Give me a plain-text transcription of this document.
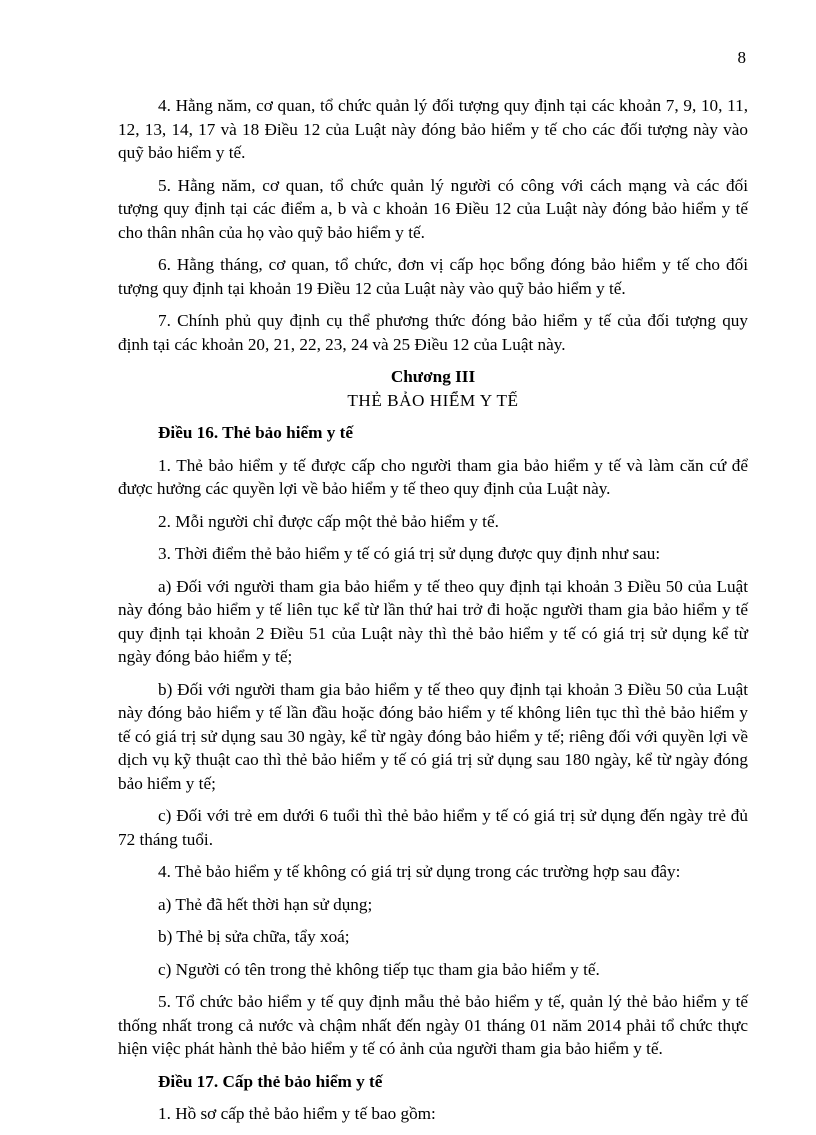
8

4. Hằng năm, cơ quan, tổ chức quản lý đối tượng quy định tại các khoản 7, 9, 10, 11, 12, 13, 14, 17 và 18 Điều 12 của Luật này đóng bảo hiểm y tế cho các đối tượng này vào quỹ bảo hiểm y tế.

5. Hằng năm, cơ quan, tổ chức quản lý người có công với cách mạng và các đối tượng quy định tại các điểm a, b và c khoản 16 Điều 12 của Luật này đóng bảo hiểm y tế cho thân nhân của họ vào quỹ bảo hiểm y tế.

6. Hằng tháng, cơ quan, tổ chức, đơn vị cấp học bổng đóng bảo hiểm y tế cho đối tượng quy định tại khoản 19 Điều 12 của Luật này vào quỹ bảo hiểm y tế.

7. Chính phủ quy định cụ thể phương thức đóng bảo hiểm y tế của đối tượng quy định tại các khoản 20, 21, 22, 23, 24 và 25 Điều 12 của Luật này.

Chương III
THẺ BẢO HIỂM Y TẾ

Điều 16. Thẻ bảo hiểm y tế

1. Thẻ bảo hiểm y tế được cấp cho người tham gia bảo hiểm y tế và làm căn cứ để được hưởng các quyền lợi về bảo hiểm y tế theo quy định của Luật này.

2. Mỗi người chỉ được cấp một thẻ bảo hiểm y tế.

3. Thời điểm thẻ bảo hiểm y tế có giá trị sử dụng được quy định như sau:

a) Đối với người tham gia bảo hiểm y tế theo quy định tại khoản 3 Điều 50 của Luật này đóng bảo hiểm y tế liên tục kể từ lần thứ hai trở đi hoặc người tham gia bảo hiểm y tế quy định tại khoản 2 Điều 51 của Luật này thì thẻ bảo hiểm y tế có giá trị sử dụng kể từ ngày đóng bảo hiểm y tế;

b) Đối với người tham gia bảo hiểm y tế theo quy định tại khoản 3 Điều 50 của Luật này đóng bảo hiểm y tế lần đầu hoặc đóng bảo hiểm y tế không liên tục thì thẻ bảo hiểm y tế có giá trị sử dụng sau 30 ngày, kể từ ngày đóng bảo hiểm y tế; riêng đối với quyền lợi về dịch vụ kỹ thuật cao thì thẻ bảo hiểm y tế có giá trị sử dụng sau 180 ngày, kể từ ngày đóng bảo hiểm y tế;

c) Đối với trẻ em dưới 6 tuổi thì thẻ bảo hiểm y tế có giá trị sử dụng đến ngày trẻ đủ 72 tháng tuổi.

4. Thẻ bảo hiểm y tế không có giá trị sử dụng trong các trường hợp sau đây:

a) Thẻ đã hết thời hạn sử dụng;

b) Thẻ bị sửa chữa, tẩy xoá;

c) Người có tên trong thẻ không tiếp tục tham gia bảo hiểm y tế.

5. Tổ chức bảo hiểm y tế quy định mẫu thẻ bảo hiểm y tế, quản lý thẻ bảo hiểm y tế thống nhất trong cả nước và chậm nhất đến ngày 01 tháng 01 năm 2014 phải tổ chức thực hiện việc phát hành thẻ bảo hiểm y tế có ảnh của người tham gia bảo hiểm y tế.

Điều 17. Cấp thẻ bảo hiểm y tế

1. Hồ sơ cấp thẻ bảo hiểm y tế bao gồm:
